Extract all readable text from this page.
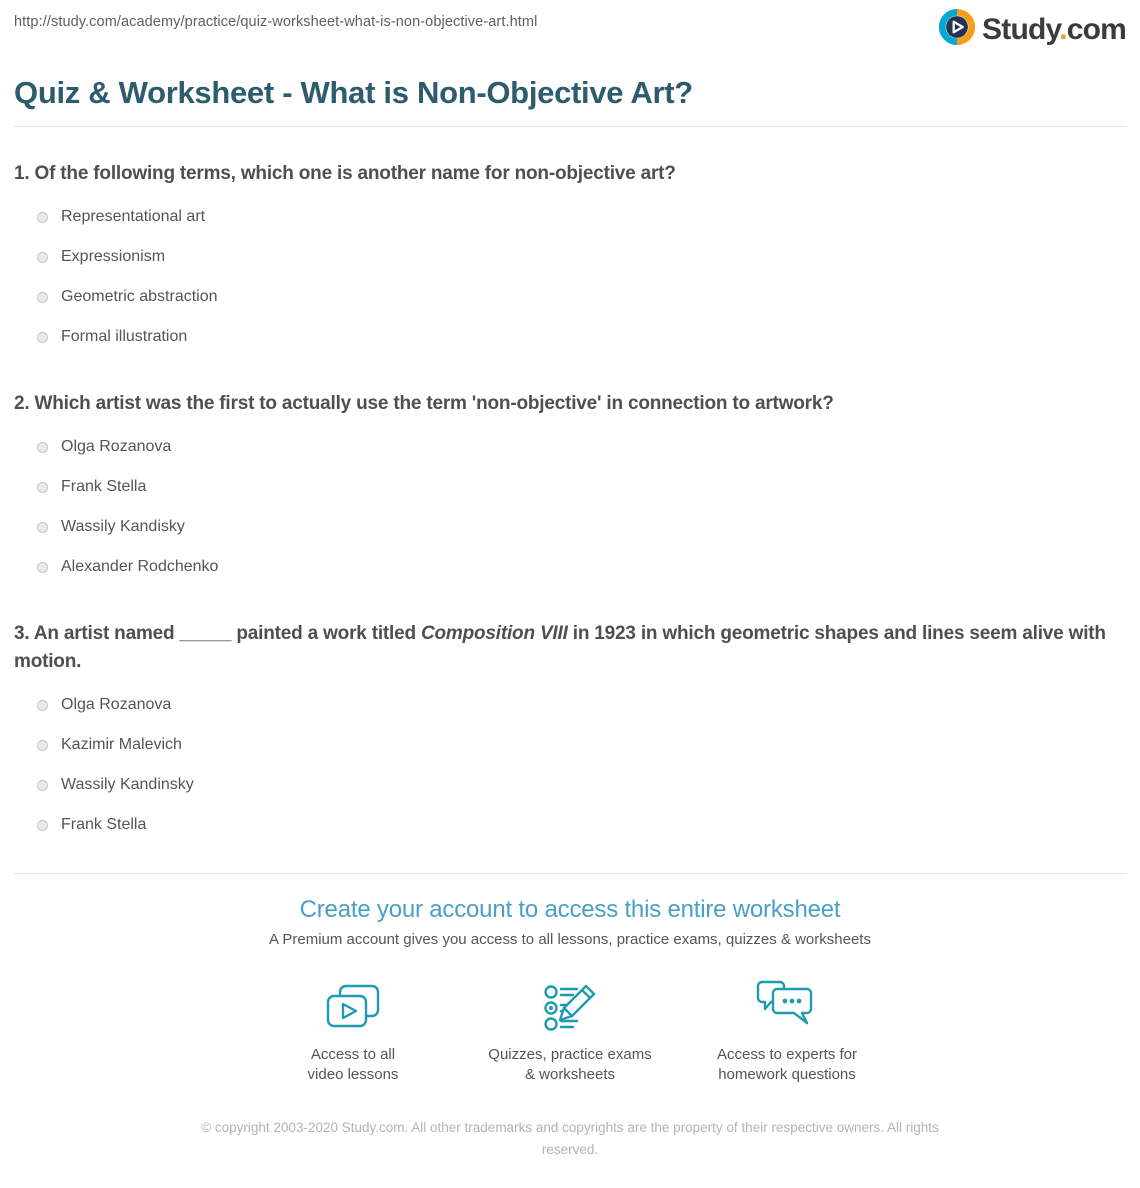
http://study.com/academy/practice/quiz-worksheet-what-is-non-objective-art.html	Study.com
Quiz & Worksheet - What is Non-Objective Art?
1. Of the following terms, which one is another name for non-objective art?
Representational art
Expressionism
Geometric abstraction
Formal illustration
2. Which artist was the first to actually use the term 'non-objective' in connection to artwork?
Olga Rozanova
Frank Stella
Wassily Kandisky
Alexander Rodchenko
3. An artist named _____ painted a work titled Composition VIII in 1923 in which geometric shapes and lines seem alive with motion.
Olga Rozanova
Kazimir Malevich
Wassily Kandinsky
Frank Stella
Create your account to access this entire worksheet
A Premium account gives you access to all lessons, practice exams, quizzes & worksheets
Access to all
video lessons
Quizzes, practice exams
& worksheets
Access to experts for
homework questions
© copyright 2003-2020 Study.com. All other trademarks and copyrights are the property of their respective owners. All rights reserved.
